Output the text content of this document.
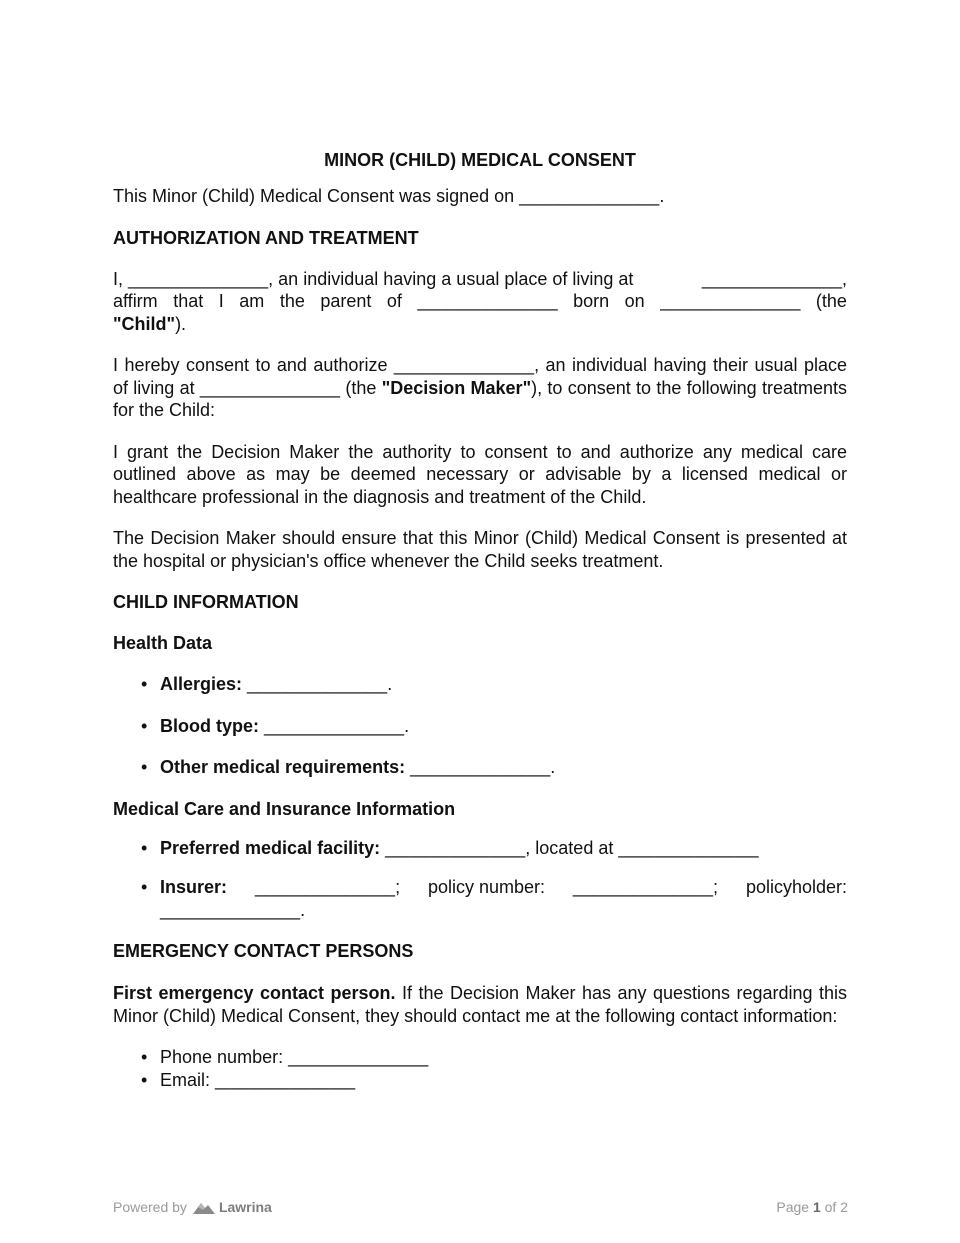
MINOR (CHILD) MEDICAL CONSENT

This Minor (Child) Medical Consent was signed on ______________.

AUTHORIZATION AND TREATMENT

I, ______________, an individual having a usual place of living at	______________,
affirm that I am the parent of ______________ born on ______________ (the
"Child").

I hereby consent to and authorize ______________, an individual having their usual place of living at ______________ (the "Decision Maker"), to consent to the following treatments for the Child:

I grant the Decision Maker the authority to consent to and authorize any medical care outlined above as may be deemed necessary or advisable by a licensed medical or healthcare professional in the diagnosis and treatment of the Child.

The Decision Maker should ensure that this Minor (Child) Medical Consent is presented at the hospital or physician's office whenever the Child seeks treatment.

CHILD INFORMATION
Health Data
• Allergies: ______________.
• Blood type: ______________.
• Other medical requirements: ______________.
Medical Care and Insurance Information
• Preferred medical facility: ______________, located at ______________
• Insurer: ______________; policy number: ______________; policyholder:
______________.
EMERGENCY CONTACT PERSONS

First emergency contact person. If the Decision Maker has any questions regarding this Minor (Child) Medical Consent, they should contact me at the following contact information:

• Phone number: ______________
• Email: ______________
Powered by Lawrina	Page 1 of 2
